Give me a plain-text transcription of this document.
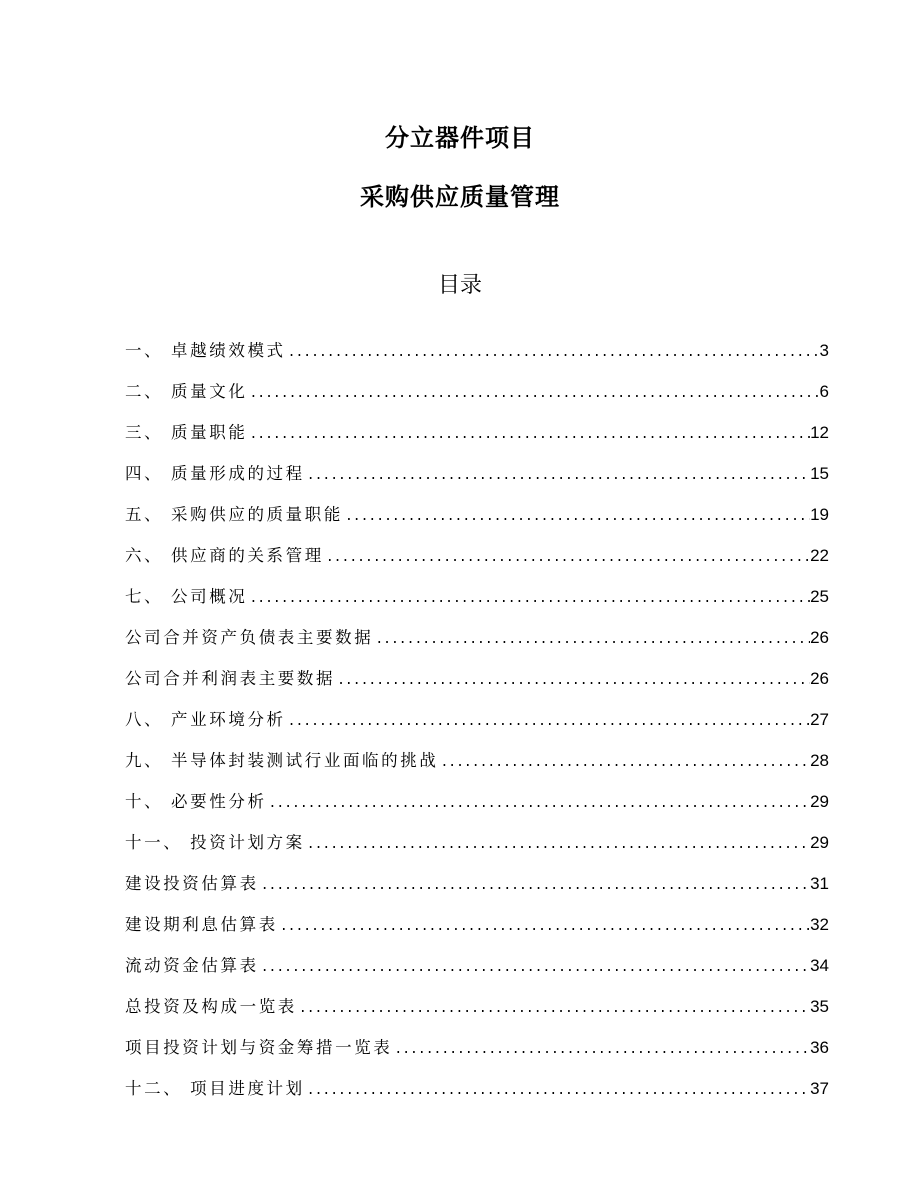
分立器件项目
采购供应质量管理
目录
一、 卓越绩效模式 .....	3
二、 质量文化 .....	6
三、 质量职能 .....	12
四、 质量形成的过程 .....	15
五、 采购供应的质量职能 .....	19
六、 供应商的关系管理 .....	22
七、 公司概况 .....	25
公司合并资产负债表主要数据 .....	26
公司合并利润表主要数据 .....	26
八、 产业环境分析 .....	27
九、 半导体封装测试行业面临的挑战 .....	28
十、 必要性分析 .....	29
十一、 投资计划方案 .....	29
建设投资估算表 .....	31
建设期利息估算表 .....	32
流动资金估算表 .....	34
总投资及构成一览表 .....	35
项目投资计划与资金筹措一览表 .....	36
十二、 项目进度计划 .....	37
